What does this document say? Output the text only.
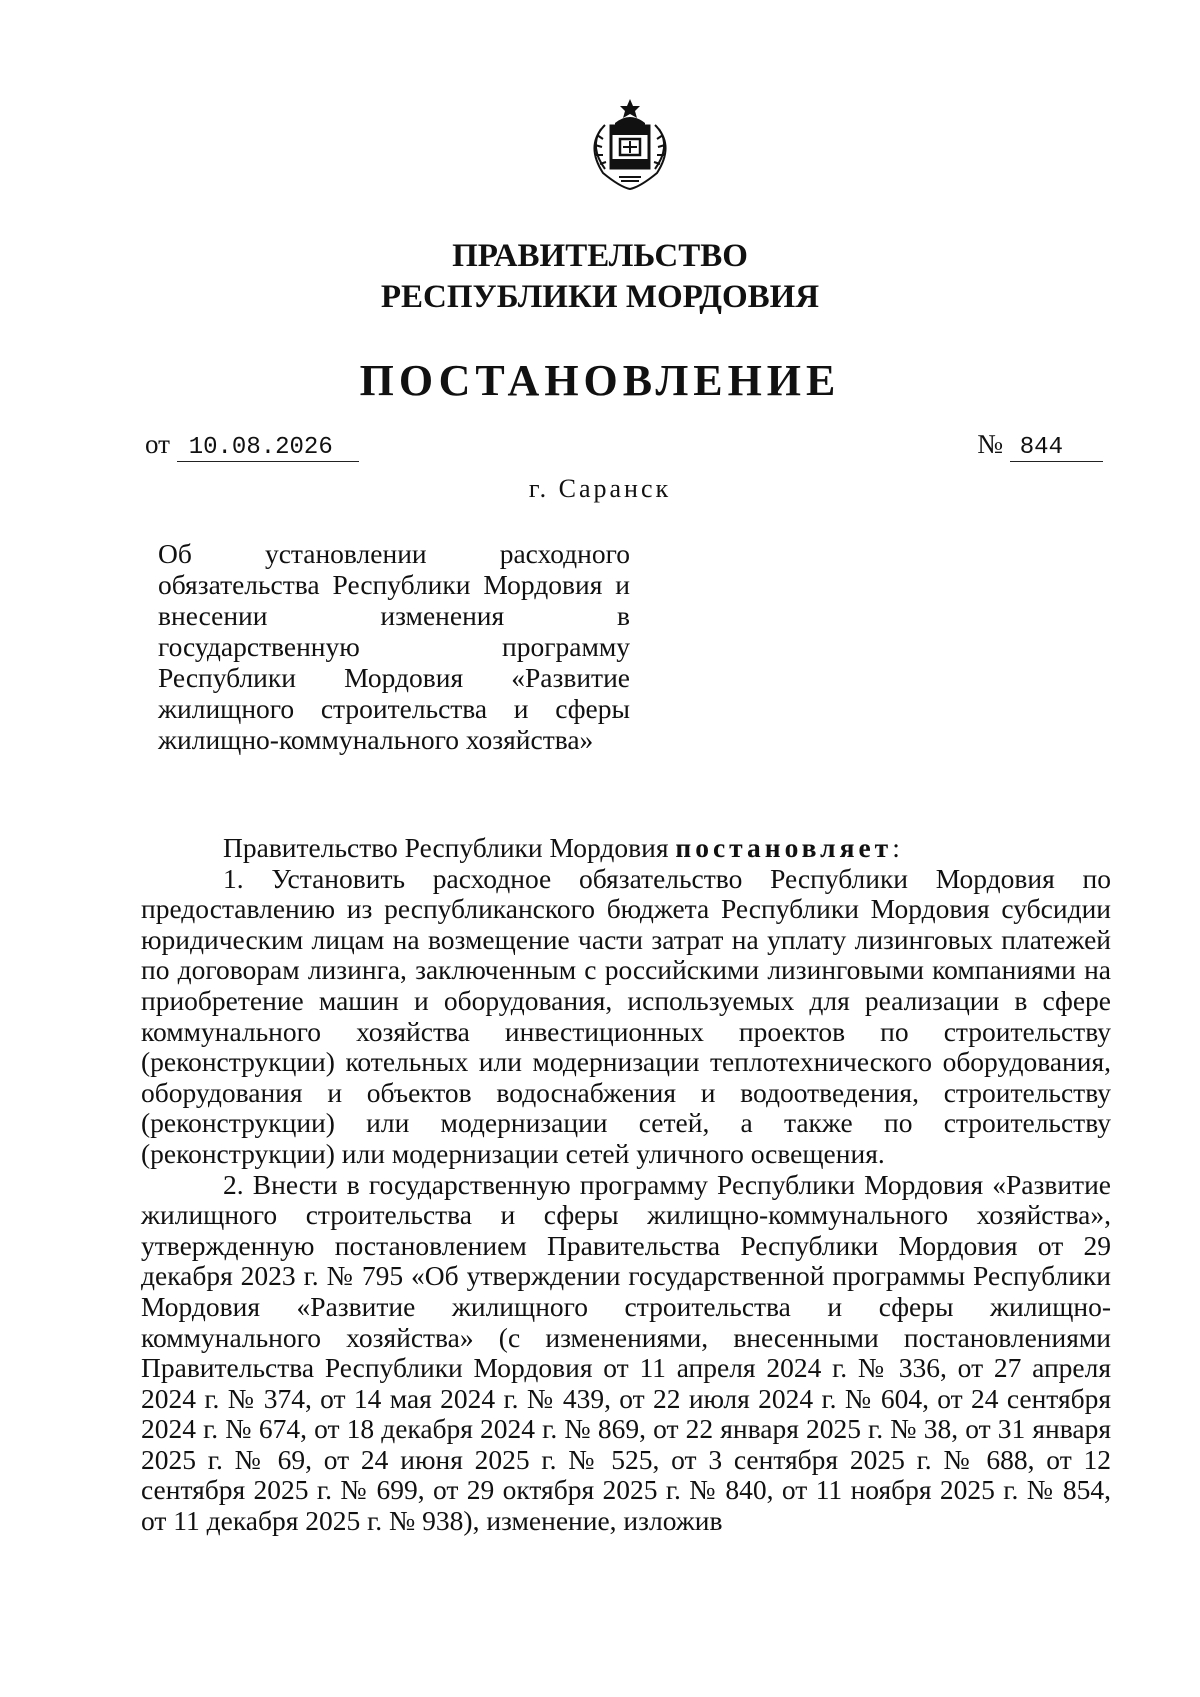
ПРАВИТЕЛЬСТВО
РЕСПУБЛИКИ МОРДОВИЯ
ПОСТАНОВЛЕНИЕ
от 10.08.2026	№ 844
г. Саранск
Об установлении расходного
обязательства Республики Мордовия и
внесении изменения в
государственную программу
Республики Мордовия «Развитие
жилищного строительства и сферы
жилищно-коммунального хозяйства»
Правительство Республики Мордовия постановляет:

1. Установить расходное обязательство Республики Мордовия по предоставлению из республиканского бюджета Республики Мордовия субсидии юридическим лицам на возмещение части затрат на уплату лизинговых платежей по договорам лизинга, заключенным с российскими лизинговыми компаниями на приобретение машин и оборудования, используемых для реализации в сфере коммунального хозяйства инвестиционных проектов по строительству (реконструкции) котельных или модернизации теплотехнического оборудования, оборудования и объектов водоснабжения и водоотведения, строительству (реконструкции) или модернизации сетей, а также по строительству (реконструкции) или модернизации сетей уличного освещения.

2. Внести в государственную программу Республики Мордовия «Развитие жилищного строительства и сферы жилищно-коммунального хозяйства», утвержденную постановлением Правительства Республики Мордовия от 29 декабря 2023 г. № 795 «Об утверждении государственной программы Республики Мордовия «Развитие жилищного строительства и сферы жилищно-коммунального хозяйства» (с изменениями, внесенными постановлениями Правительства Республики Мордовия от 11 апреля 2024 г. № 336, от 27 апреля 2024 г. № 374, от 14 мая 2024 г. № 439, от 22 июля 2024 г. № 604, от 24 сентября 2024 г. № 674, от 18 декабря 2024 г. № 869, от 22 января 2025 г. № 38, от 31 января 2025 г. № 69, от 24 июня 2025 г. № 525, от 3 сентября 2025 г. № 688, от 12 сентября 2025 г. № 699, от 29 октября 2025 г. № 840, от 11 ноября 2025 г. № 854, от 11 декабря 2025 г. № 938), изменение, изложив
